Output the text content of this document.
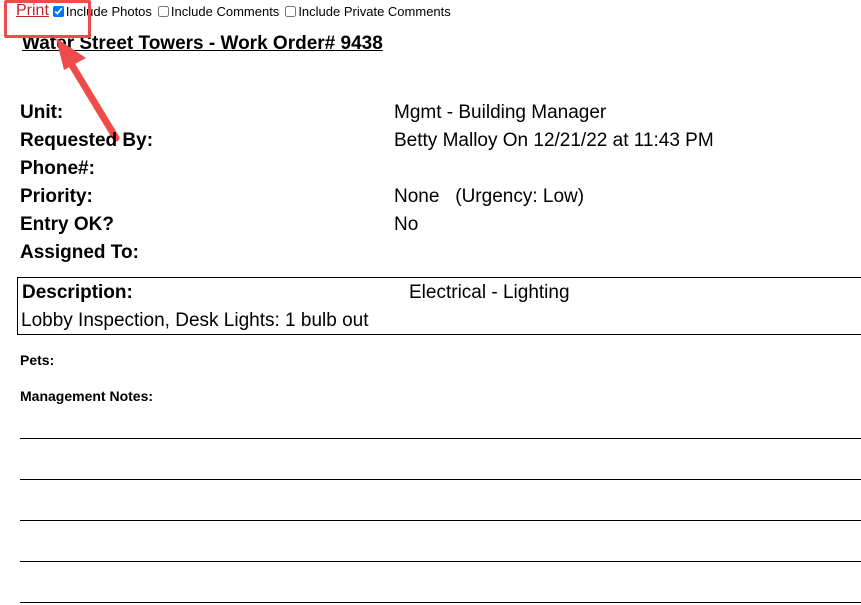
Print Include Photos Include Comments Include Private Comments
Water Street Towers - Work Order# 9438
Unit:	Mgmt - Building Manager
Requested By:	Betty Malloy On 12/21/22 at 11:43 PM
Phone#:
Priority:	None   (Urgency: Low)
Entry OK?	No
Assigned To:
Description:	Electrical - Lighting
Lobby Inspection, Desk Lights: 1 bulb out
Pets:
Management Notes:
